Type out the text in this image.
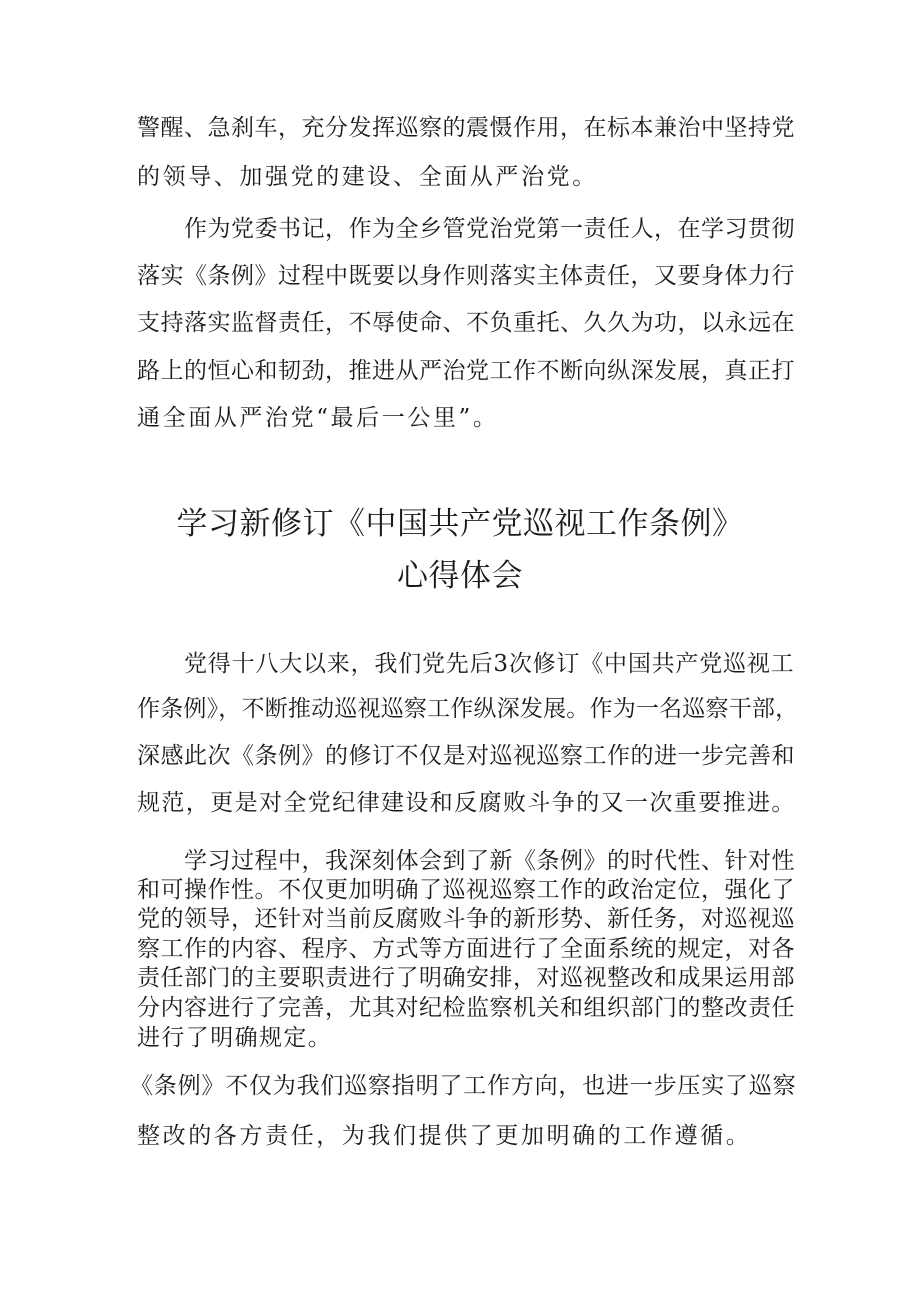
警醒、急刹车，充分发挥巡察的震慑作用，在标本兼治中坚持党

的领导、加强党的建设、全面从严治党。

作为党委书记，作为全乡管党治党第一责任人，在学习贯彻

落实《条例》过程中既要以身作则落实主体责任，又要身体力行

支持落实监督责任，不辱使命、不负重托、久久为功，以永远在

路上的恒心和韧劲，推进从严治党工作不断向纵深发展，真正打

通全面从严治党“最后一公里”。

学习新修订《中国共产党巡视工作条例》
心得体会

党得十八大以来，我们党先后3次修订《中国共产党巡视工

作条例》，不断推动巡视巡察工作纵深发展。作为一名巡察干部，

深感此次《条例》的修订不仅是对巡视巡察工作的进一步完善和

规范，更是对全党纪律建设和反腐败斗争的又一次重要推进。

学习过程中，我深刻体会到了新《条例》的时代性、针对性

和可操作性。不仅更加明确了巡视巡察工作的政治定位，强化了

党的领导，还针对当前反腐败斗争的新形势、新任务，对巡视巡

察工作的内容、程序、方式等方面进行了全面系统的规定，对各

责任部门的主要职责进行了明确安排，对巡视整改和成果运用部

分内容进行了完善，尤其对纪检监察机关和组织部门的整改责任

进行了明确规定。

《条例》不仅为我们巡察指明了工作方向，也进一步压实了巡察

整改的各方责任，为我们提供了更加明确的工作遵循。
